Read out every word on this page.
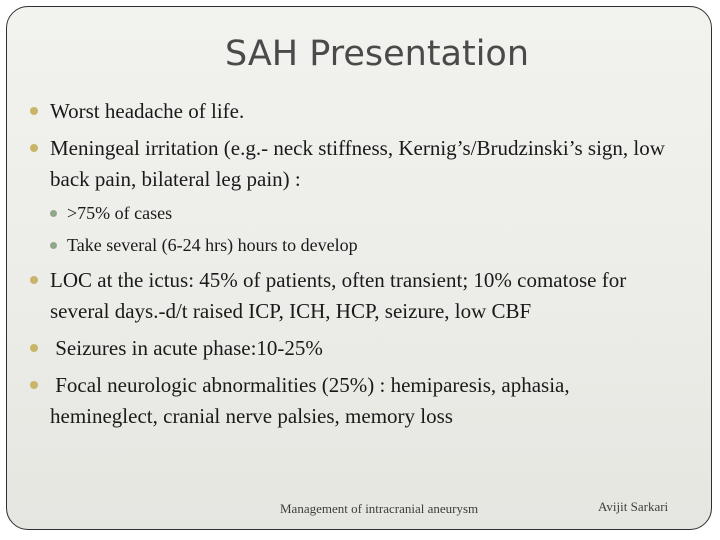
SAH Presentation
Worst headache of life.
Meningeal irritation (e.g.- neck stiffness, Kernig’s/Brudzinski’s sign, low back pain, bilateral leg pain) :
>75% of cases
Take several (6-24 hrs) hours to develop
LOC at the ictus: 45% of patients, often transient; 10% comatose for several days.-d/t raised ICP, ICH, HCP, seizure, low CBF
Seizures in acute phase:10-25%
Focal neurologic abnormalities (25%) : hemiparesis, aphasia, hemineglect, cranial nerve palsies, memory loss
Management of intracranial aneurysm	Avijit Sarkari
